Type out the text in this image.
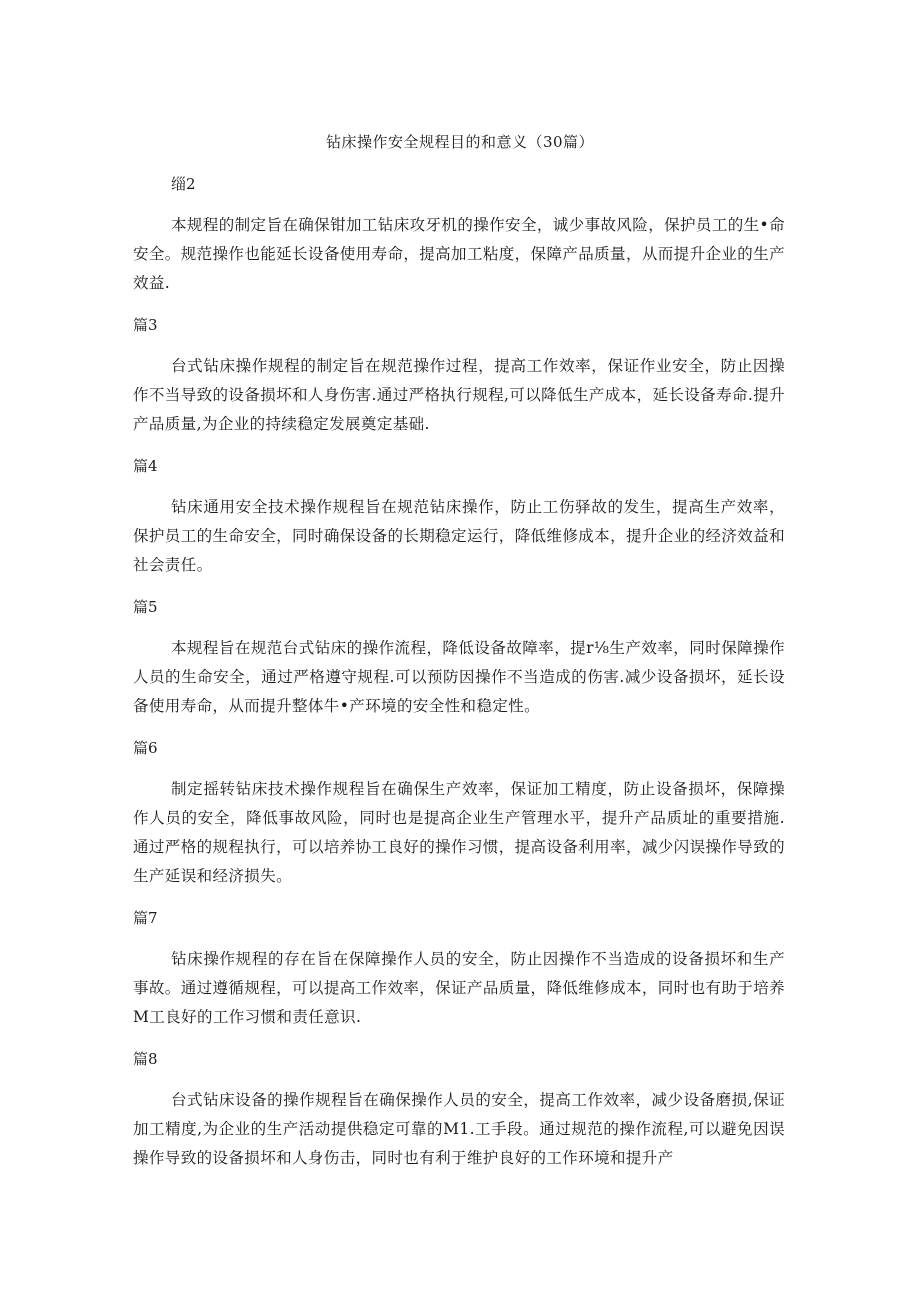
钻床操作安全规程目的和意义（30篇）

缁2

本规程的制定旨在确保钳加工钻床攻牙机的操作安全，诚少事故风险，保护员工的生•命安全。规范操作也能延长设备使用寿命，提高加工粘度，保障产品质量，从而提升企业的生产效益.

篇3

台式钻床操作规程的制定旨在规范操作过程，提高工作效率，保证作业安全，防止因操作不当导致的设备损坏和人身伤害.通过严格执行规程,可以降低生产成本，延长设备寿命.提升产品质量,为企业的持续稳定发展奠定基础.

篇4

钻床通用安全技术操作规程旨在规范钻床操作，防止工伤驿故的发生，提高生产效率，保护员工的生命安全，同时确保设备的长期稳定运行，降低维修成本，提升企业的经济效益和社会责任。

篇5

本规程旨在规范台式钻床的操作流程，降低设备故障率，提r⅛生产效率，同时保障操作人员的生命安全，通过严格遵守规程.可以预防因操作不当造成的伤害.减少设备损坏，延长设备使用寿命，从而提升整体牛•产环境的安全性和稳定性。

篇6

制定摇转钻床技术操作规程旨在确保生产效率，保证加工精度，防止设备损坏，保障操作人员的安全，降低事故风险，同时也是提高企业生产管理水平，提升产品质址的重要措施.通过严格的规程执行，可以培养协工良好的操作习惯，提高设备利用率，减少闪误操作导致的生产延误和经济损失。

篇7

钻床操作规程的存在旨在保障操作人员的安全，防止因操作不当造成的设备损坏和生产事故。通过遵循规程，可以提高工作效率，保证产品质量，降低维修成本，同时也有助于培养M工良好的工作习惯和责任意识.

篇8

台式钻床设备的操作规程旨在确保操作人员的安全，提高工作效率，减少设备磨损,保证加工精度,为企业的生产活动提供稳定可靠的M1.工手段。通过规范的操作流程,可以避免因误操作导致的设备损坏和人身伤击，同时也有利于维护良好的工作环境和提升产
